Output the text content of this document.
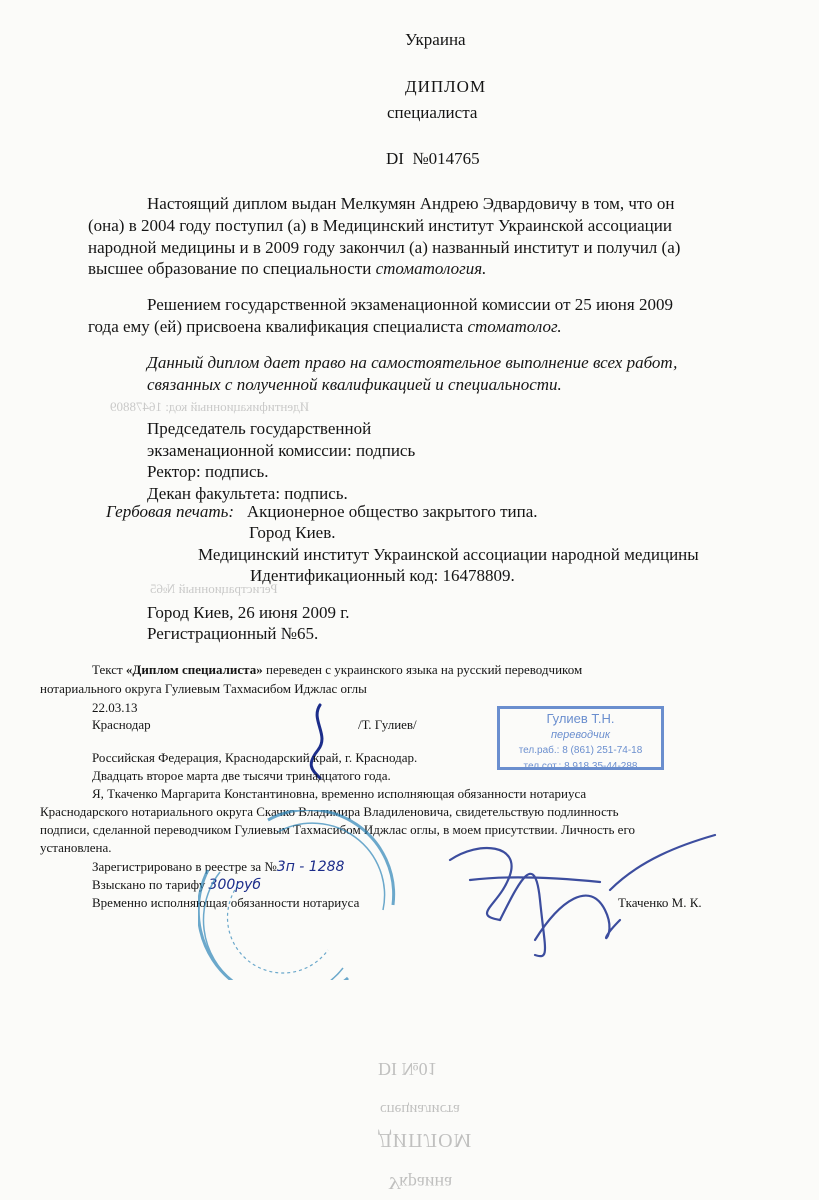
Украина
ДИПЛОМ
специалиста
DI №014765
Настоящий диплом выдан Мелкумян Андрею Эдвардовичу в том, что он
(она) в 2004 году поступил (а) в Медицинский институт Украинской ассоциации
народной медицины и в 2009 году закончил (а) названный институт и получил (а)
высшее образование по специальности стоматология.
Решением государственной экзаменационной комиссии от 25 июня 2009
года ему (ей) присвоена квалификация специалиста стоматолог.
Данный диплом дает право на самостоятельное выполнение всех работ,
связанных с полученной квалификацией и специальности.
Идентификационный код: 16478809
Регистрационный №65
Председатель государственной
экзаменационной комиссии: подпись
Ректор: подпись.
Декан факультета: подпись.
Гербовая печать: Акционерное общество закрытого типа.
Город Киев.
Медицинский институт Украинской ассоциации народной медицины
Идентификационный код: 16478809.
Город Киев, 26 июня 2009 г.
Регистрационный №65.
Текст «Диплом специалиста» переведен с украинского языка на русский переводчиком
нотариального округа Гулиевым Тахмасибом Иджлас оглы
22.03.13
Краснодар	/Т. Гулиев/	Гулиев Т.Н.
переводчик
тел.раб.: 8 (861) 251-74-18
тел.сот.: 8 918 35-44-288
Российская Федерация, Краснодарский край, г. Краснодар.
Двадцать второе марта две тысячи тринадцатого года.
Я, Ткаченко Маргарита Константиновна, временно исполняющая обязанности нотариуса
Краснодарского нотариального округа Скачко Владимира Владиленовича, свидетельствую подлинность
подписи, сделанной переводчиком Гулиевым Тахмасибом Иджлас оглы, в моем присутствии. Личность его
установлена.
Зарегистрировано в реестре за №3п - 1288
Взыскано по тарифу 300руб
Временно исполняющая обязанности нотариуса	Ткаченко М. К.
DI №01
специалиста
ДИПЛОМ
Украина
